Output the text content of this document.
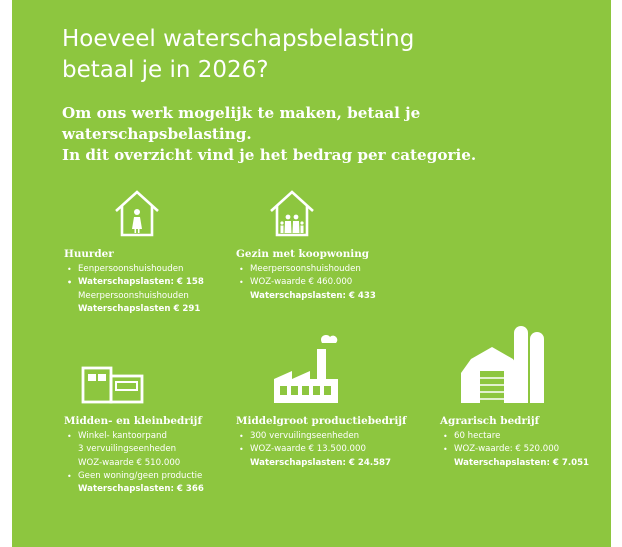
Hoeveel waterschapsbelasting
betaal je in 2026?

Om ons werk mogelijk te maken, betaal je
waterschapsbelasting.
In dit overzicht vind je het bedrag per categorie.

Huurder
• Eenpersoonshuishouden
• Waterschapslasten: € 158
Meerpersoonshuishouden
Waterschapslasten € 291
Gezin met koopwoning
• Meerpersoonshuishouden
• WOZ-waarde € 460.000
Waterschapslasten: € 433
Midden- en kleinbedrijf
• Winkel- kantoorpand
3 vervuilingseenheden
WOZ-waarde € 510.000
• Geen woning/geen productie
Waterschapslasten: € 366
Middelgroot productiebedrijf
• 300 vervuilingseenheden
• WOZ-waarde € 13.500.000
Waterschapslasten: € 24.587
Agrarisch bedrijf
• 60 hectare
• WOZ-waarde: € 520.000
Waterschapslasten: € 7.051
